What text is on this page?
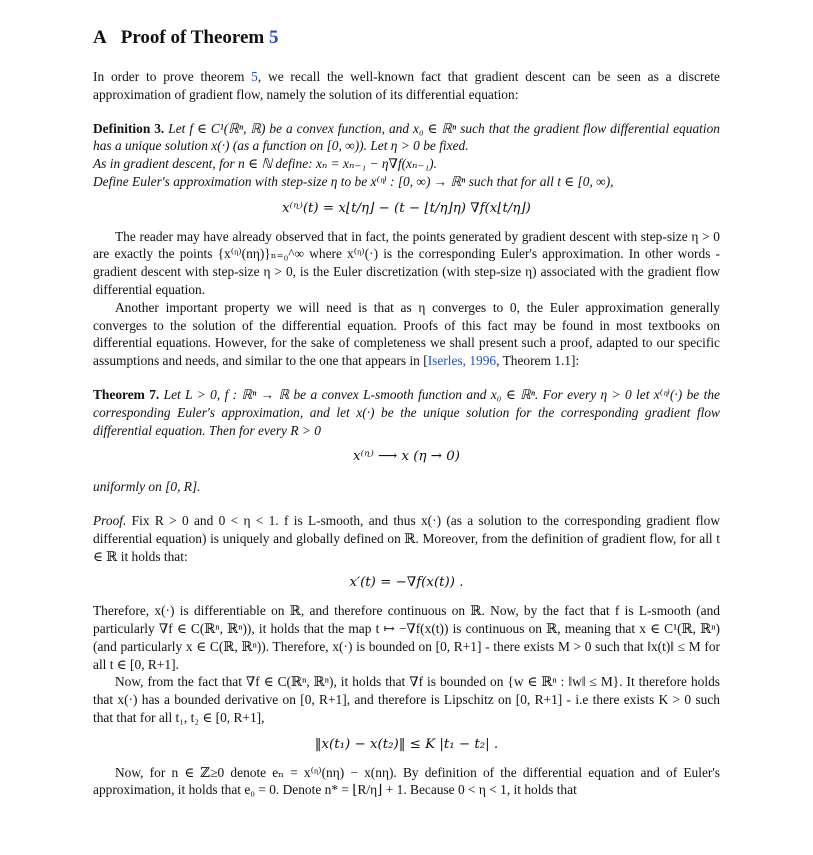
A Proof of Theorem 5

In order to prove theorem 5, we recall the well-known fact that gradient descent can be seen as a discrete approximation of gradient flow, namely the solution of its differential equation:

Definition 3. Let f ∈ C¹(ℝⁿ, ℝ) be a convex function, and x₀ ∈ ℝⁿ such that the gradient flow differential equation has a unique solution x(·) (as a function on [0, ∞)). Let η > 0 be fixed.

As in gradient descent, for n ∈ ℕ define: xₙ = xₙ₋₁ − η∇f(xₙ₋₁).

Define Euler's approximation with step-size η to be x⁽ᶯ⁾ : [0, ∞) → ℝⁿ such that for all t ∈ [0, ∞),

x⁽ᶯ⁾(t) = x⌊t/η⌋ − (t − ⌊t/η⌋η) ∇f(x⌊t/η⌋)

The reader may have already observed that in fact, the points generated by gradient descent with step-size η > 0 are exactly the points {x⁽ᶯ⁾(nη)}ₙ₌₀^∞ where x⁽ᶯ⁾(·) is the corresponding Euler's approximation. In other words - gradient descent with step-size η > 0, is the Euler discretization (with step-size η) associated with the gradient flow differential equation.

Another important property we will need is that as η converges to 0, the Euler approximation generally converges to the solution of the differential equation. Proofs of this fact may be found in most textbooks on differential equations. However, for the sake of completeness we shall present such a proof, adapted to our specific assumptions and needs, and similar to the one that appears in [Iserles, 1996, Theorem 1.1]:

Theorem 7. Let L > 0, f : ℝⁿ → ℝ be a convex L-smooth function and x₀ ∈ ℝⁿ. For every η > 0 let x⁽ᶯ⁾(·) be the corresponding Euler's approximation, and let x(·) be the unique solution for the corresponding gradient flow differential equation. Then for every R > 0

x⁽ᶯ⁾ ⟶ x (η → 0)

uniformly on [0, R].

Proof. Fix R > 0 and 0 < η < 1. f is L-smooth, and thus x(·) (as a solution to the corresponding gradient flow differential equation) is uniquely and globally defined on ℝ. Moreover, from the definition of gradient flow, for all t ∈ ℝ it holds that:

x′(t) = −∇f(x(t)) .

Therefore, x(·) is differentiable on ℝ, and therefore continuous on ℝ. Now, by the fact that f is L-smooth (and particularly ∇f ∈ C(ℝⁿ, ℝⁿ)), it holds that the map t ↦ −∇f(x(t)) is continuous on ℝ, meaning that x ∈ C¹(ℝ, ℝⁿ) (and particularly x ∈ C(ℝ, ℝⁿ)). Therefore, x(·) is bounded on [0, R+1] - there exists M > 0 such that ‖x(t)‖ ≤ M for all t ∈ [0, R+1].

Now, from the fact that ∇f ∈ C(ℝⁿ, ℝⁿ), it holds that ∇f is bounded on {w ∈ ℝⁿ : ‖w‖ ≤ M}. It therefore holds that x(·) has a bounded derivative on [0, R+1], and therefore is Lipschitz on [0, R+1] - i.e there exists K > 0 such that that for all t₁, t₂ ∈ [0, R+1],

‖x(t₁) − x(t₂)‖ ≤ K |t₁ − t₂| .

Now, for n ∈ ℤ≥0 denote eₙ = x⁽ᶯ⁾(nη) − x(nη). By definition of the differential equation and of Euler's approximation, it holds that e₀ = 0. Denote n* = ⌊R/η⌋ + 1. Because 0 < η < 1, it holds that
